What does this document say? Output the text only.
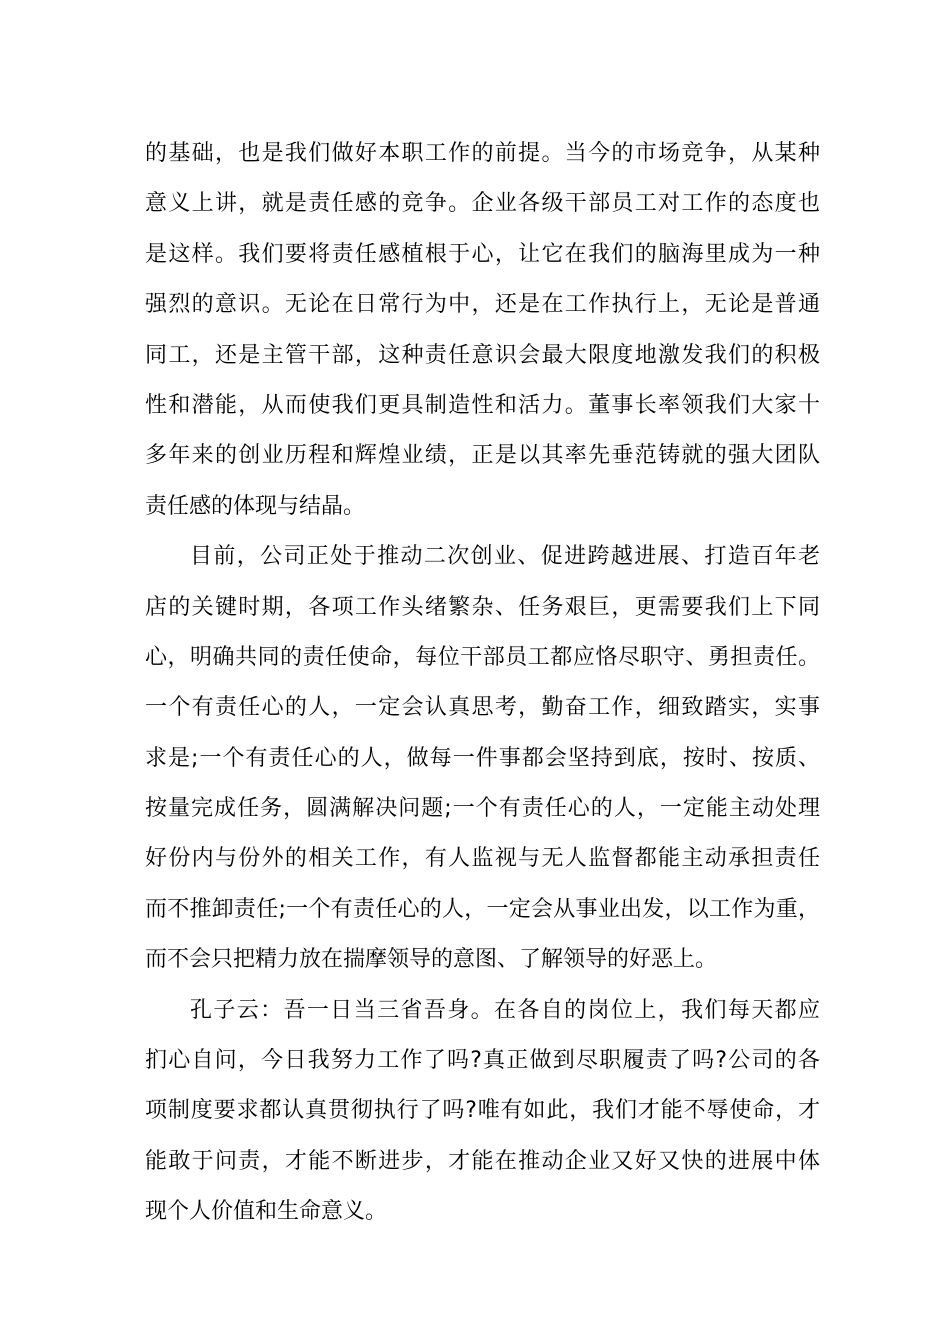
的基础，也是我们做好本职工作的前提。当今的市场竞争，从某种
意义上讲，就是责任感的竞争。企业各级干部员工对工作的态度也
是这样。我们要将责任感植根于心，让它在我们的脑海里成为一种
强烈的意识。无论在日常行为中，还是在工作执行上，无论是普通
同工，还是主管干部，这种责任意识会最大限度地激发我们的积极
性和潜能，从而使我们更具制造性和活力。董事长率领我们大家十
多年来的创业历程和辉煌业绩，正是以其率先垂范铸就的强大团队
责任感的体现与结晶。
目前，公司正处于推动二次创业、促进跨越进展、打造百年老
店的关键时期，各项工作头绪繁杂、任务艰巨，更需要我们上下同
心，明确共同的责任使命，每位干部员工都应恪尽职守、勇担责任。
一个有责任心的人，一定会认真思考，勤奋工作，细致踏实，实事
求是;一个有责任心的人，做每一件事都会坚持到底，按时、按质、
按量完成任务，圆满解决问题;一个有责任心的人，一定能主动处理
好份内与份外的相关工作，有人监视与无人监督都能主动承担责任
而不推卸责任;一个有责任心的人，一定会从事业出发，以工作为重，
而不会只把精力放在揣摩领导的意图、了解领导的好恶上。
孔子云：吾一日当三省吾身。在各自的岗位上，我们每天都应
扪心自问，今日我努力工作了吗?真正做到尽职履责了吗?公司的各
项制度要求都认真贯彻执行了吗?唯有如此，我们才能不辱使命，才
能敢于问责，才能不断进步，才能在推动企业又好又快的进展中体
现个人价值和生命意义。
